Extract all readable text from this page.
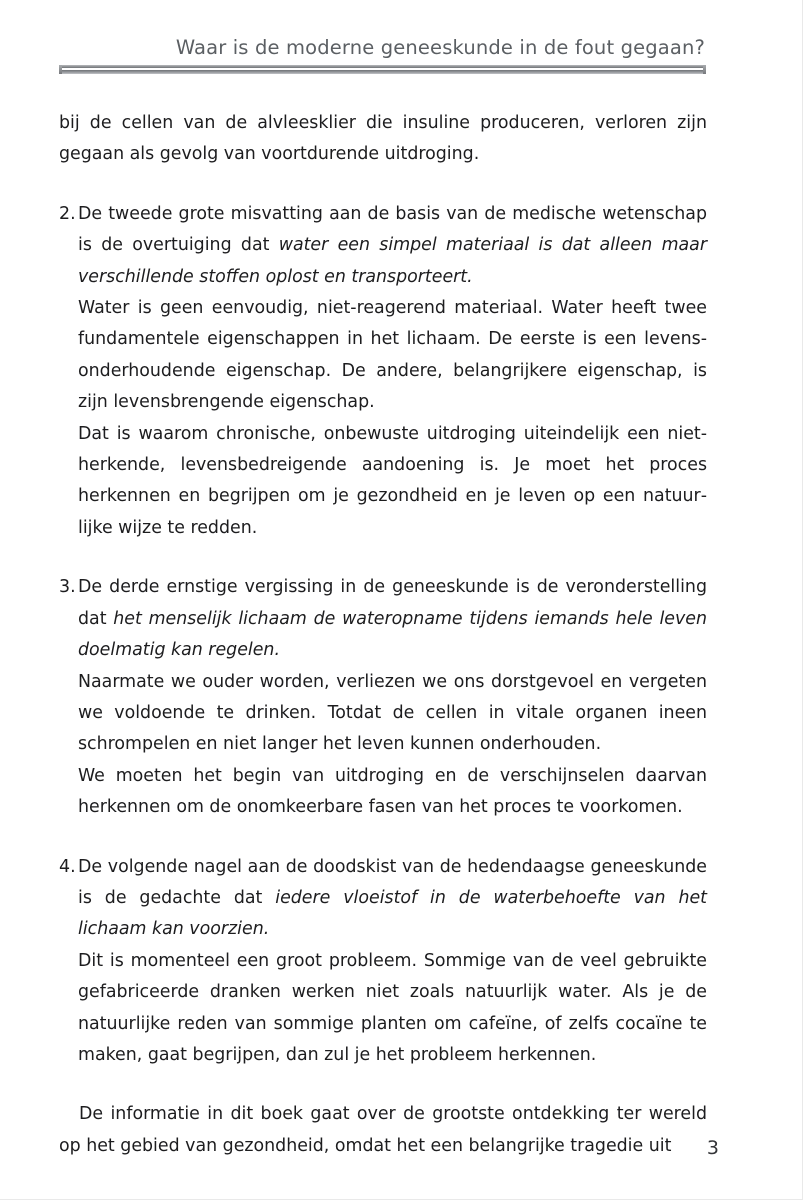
Waar is de moderne geneeskunde in de fout gegaan?

bij de cellen van de alvleesklier die insuline produceren, verloren zijn gegaan als gevolg van voortdurende uitdroging.

2. De tweede grote misvatting aan de basis van de medische wetenschap is de overtuiging dat water een simpel materiaal is dat alleen maar verschillende stoffen oplost en transporteert.

Water is geen eenvoudig, niet-reagerend materiaal. Water heeft twee fundamentele eigenschappen in het lichaam. De eerste is een levensonderhoudende eigenschap. De andere, belangrijkere eigenschap, is zijn levensbrengende eigenschap.

Dat is waarom chronische, onbewuste uitdroging uiteindelijk een niet-herkende, levensbedreigende aandoening is. Je moet het proces herkennen en begrijpen om je gezondheid en je leven op een natuurlijke wijze te redden.

3. De derde ernstige vergissing in de geneeskunde is de veronderstelling dat het menselijk lichaam de wateropname tijdens iemands hele leven doelmatig kan regelen.

Naarmate we ouder worden, verliezen we ons dorstgevoel en vergeten we voldoende te drinken. Totdat de cellen in vitale organen ineen schrompelen en niet langer het leven kunnen onderhouden.

We moeten het begin van uitdroging en de verschijnselen daarvan herkennen om de onomkeerbare fasen van het proces te voorkomen.

4. De volgende nagel aan de doodskist van de hedendaagse geneeskunde is de gedachte dat iedere vloeistof in de waterbehoefte van het lichaam kan voorzien.

Dit is momenteel een groot probleem. Sommige van de veel gebruikte gefabriceerde dranken werken niet zoals natuurlijk water. Als je de natuurlijke reden van sommige planten om cafeïne, of zelfs cocaïne te maken, gaat begrijpen, dan zul je het probleem herkennen.

De informatie in dit boek gaat over de grootste ontdekking ter wereld op het gebied van gezondheid, omdat het een belangrijke tragedie uit	3
